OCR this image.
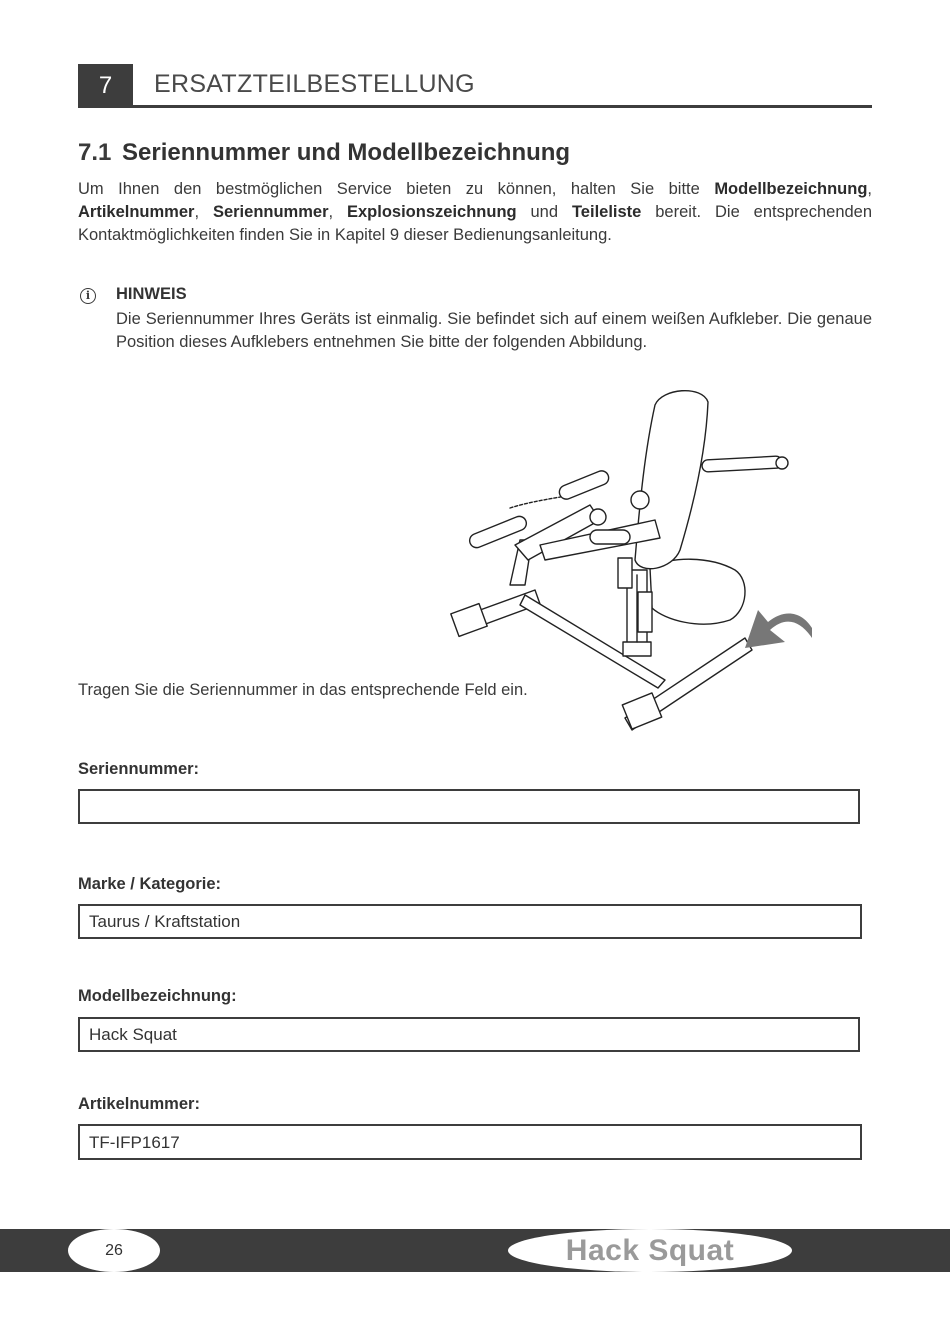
7	ERSATZTEILBESTELLUNG
7.1 Seriennummer und Modellbezeichnung
Um Ihnen den bestmöglichen Service bieten zu können, halten Sie bitte Modellbezeichnung, Artikelnummer, Seriennummer, Explosionszeichnung und Teileliste bereit. Die entsprechenden Kontaktmöglichkeiten finden Sie in Kapitel 9 dieser Bedienungsanleitung.
i	HINWEIS
Die Seriennummer Ihres Geräts ist einmalig. Sie befindet sich auf einem weißen Aufkleber. Die genaue Position dieses Aufklebers entnehmen Sie bitte der folgenden Abbildung.
Tragen Sie die Seriennummer in das entsprechende Feld ein.
Seriennummer:
Marke / Kategorie:
Taurus / Kraftstation
Modellbezeichnung:
Hack Squat
Artikelnummer:
TF-IFP1617
26	Hack Squat
